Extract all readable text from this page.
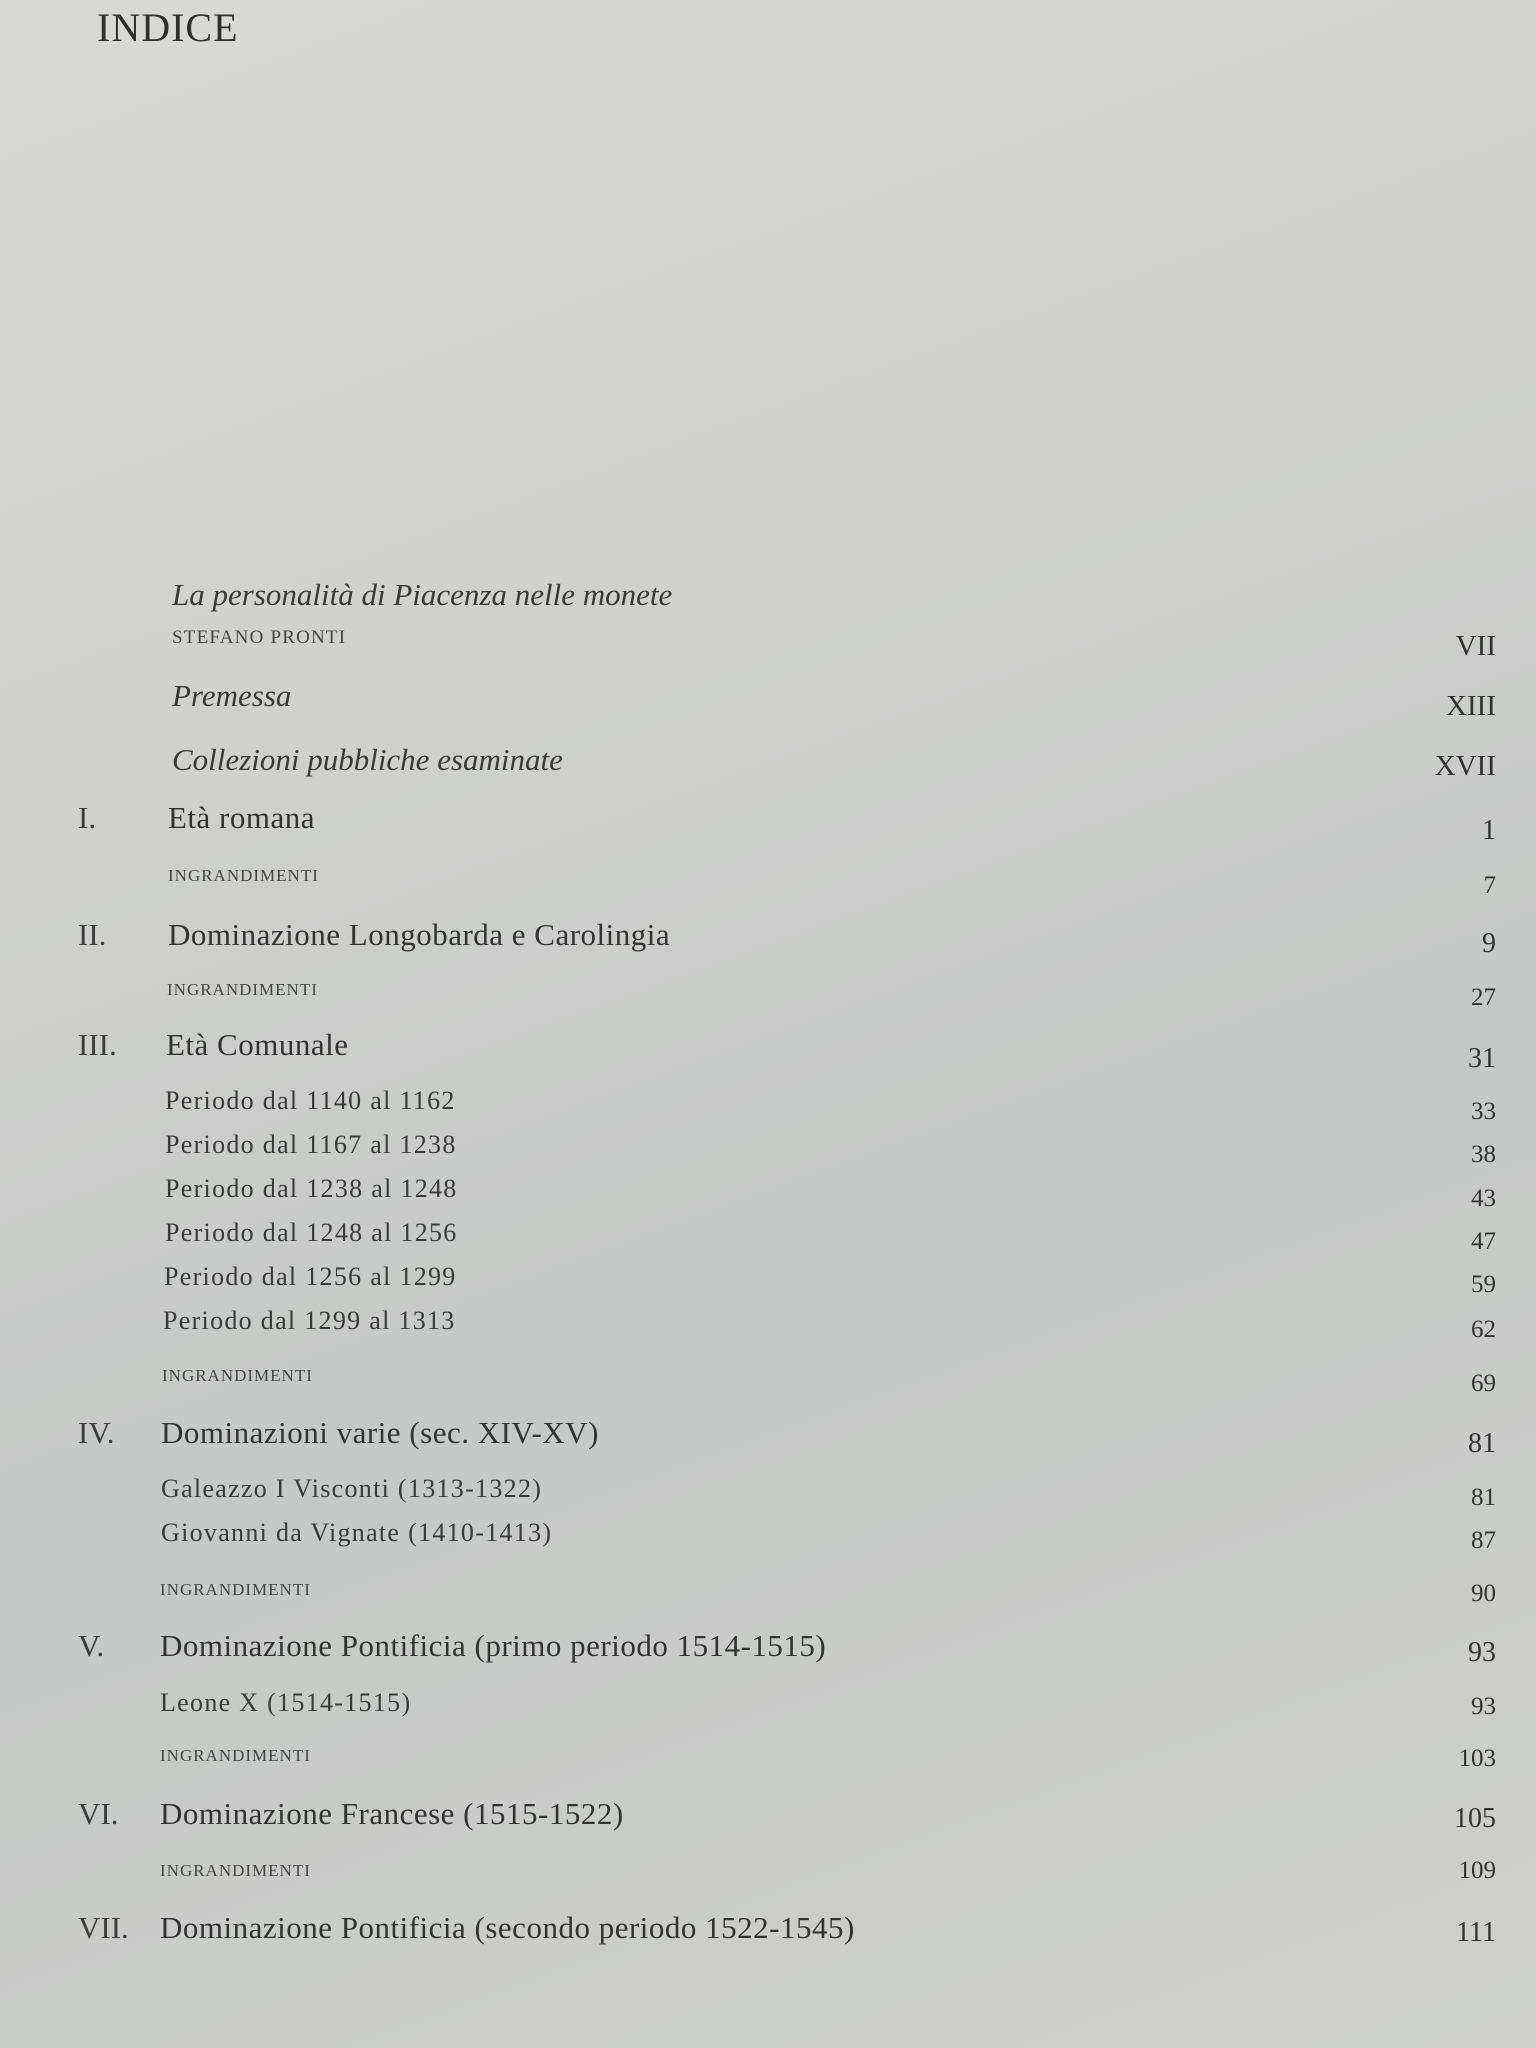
INDICE
La personalità di Piacenza nelle monete
STEFANO PRONTI	VII
Premessa	XIII
Collezioni pubbliche esaminate	XVII
I. Età romana	1
INGRANDIMENTI	7
II. Dominazione Longobarda e Carolingia	9
INGRANDIMENTI	27
III. Età Comunale	31
Periodo dal 1140 al 1162	33
Periodo dal 1167 al 1238	38
Periodo dal 1238 al 1248	43
Periodo dal 1248 al 1256	47
Periodo dal 1256 al 1299	59
Periodo dal 1299 al 1313	62
INGRANDIMENTI	69
IV. Dominazioni varie (sec. XIV-XV)	81
Galeazzo I Visconti (1313-1322)	81
Giovanni da Vignate (1410-1413)	87
INGRANDIMENTI	90
V. Dominazione Pontificia (primo periodo 1514-1515)	93
Leone X (1514-1515)	93
INGRANDIMENTI	103
VI. Dominazione Francese (1515-1522)	105
INGRANDIMENTI	109
VII. Dominazione Pontificia (secondo periodo 1522-1545)	111
